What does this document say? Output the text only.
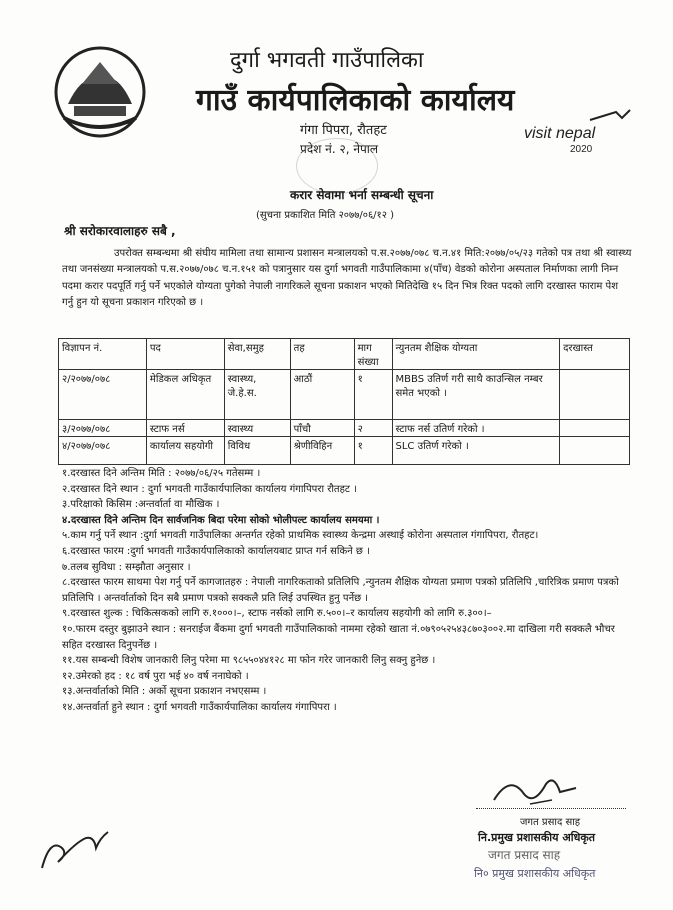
दुर्गा भगवती गाउँपालिका
गाउँ कार्यपालिकाको कार्यालय
गंगा पिपरा, रौतहट
प्रदेश नं. २, नेपाल
visit nepal
2020
करार सेवामा भर्ना सम्बन्धी सूचना
(सुचना प्रकाशित मिति २०७७/०६/१२ )
श्री सरोकारवालाहरु सबै ,
उपरोक्त सम्बन्धमा श्री संघीय मामिला तथा सामान्य प्रशासन मन्त्रालयको प.स.२०७७/०७८ च.न.४१ मिति:२०७७/०५/२३ गतेको पत्र तथा श्री स्वास्थ्य तथा जनसंख्या मन्त्रालयको प.स.२०७७/०७८ च.न.१५१ को पत्रानुसार यस दुर्गा भगवती गाउँपालिकामा ४(पाँच) वेडको कोरोना अस्पताल निर्माणका लागी निम्न पदमा करार पदपूर्ति गर्नु पर्ने भएकोले योग्यता पुगेको नेपाली नागरिकले सूचना प्रकाशन भएको मितिदेखि १५ दिन भित्र रिक्त पदको लागि दरखास्त फाराम पेश गर्नु हुन यो सूचना प्रकाशन गरिएको छ ।
विज्ञापन नं.	पद	सेवा,समुह	तह	माग संख्या	न्युनतम शैक्षिक योग्यता	दरखास्त
२/२०७७/०७८	मेडिकल अधिकृत	स्वास्थ्य, जे.हे.स.	आठौं	१	MBBS उतिर्ण गरी साथै काउन्सिल नम्बर समेत भएको ।	
३/२०७७/०७८	स्टाफ नर्स	स्वास्थ्य	पाँचौ	२	स्टाफ नर्स उतिर्ण गरेको ।	
४/२०७७/०७८	कार्यालय सहयोगी	विविध	श्रेणीविहिन	१	SLC उतिर्ण गरेको ।	
१.दरखास्त दिने अन्तिम मिति : २०७७/०६/२५ गतेसम्म ।
२.दरखास्त दिने स्थान : दुर्गा भगवती गाउँकार्यपालिका कार्यालय गंगापिपरा रौतहट ।
३.परिक्षाको किसिम :अन्तर्वार्ता वा मौखिक ।
४.दरखास्त दिने अन्तिम दिन सार्वजनिक बिदा परेमा सोको भोलीपल्ट कार्यालय समयमा ।
५.काम गर्नु पर्ने स्थान :दुर्गा भगवती गाउँपालिका अन्तर्गत रहेको प्राथमिक स्वास्थ्य केन्द्रमा अस्थाई कोरोना अस्पताल गंगापिपरा, रौतहट।
६.दरखास्त फारम :दुर्गा भगवती गाउँकार्यपालिकाको कार्यालयबाट प्राप्त गर्न सकिने छ ।
७.तलब सुविधा : सम्झौता अनुसार ।
८.दरखास्त फारम साथमा पेश गर्नु पर्ने कागजातहरु : नेपाली नागरिकताको प्रतिलिपि ,न्युनतम शैक्षिक योग्यता प्रमाण पत्रको प्रतिलिपि ,चारित्रिक प्रमाण पत्रको प्रतिलिपि । अन्तर्वार्ताको दिन सबै प्रमाण पत्रको सक्कलै प्रति लिई उपस्थित हुनु पर्नेछ ।
९.दरखास्त शुल्क : चिकित्सकको लागि रु.१०००।–, स्टाफ नर्सको लागि रु.५००।–र कार्यालय सहयोगी को लागि रु.३००।–
१०.फारम दस्तुर बुझाउने स्थान : सनराईज बैंकमा दुर्गा भगवती गाउँपालिकाको नाममा रहेको खाता नं.०७९०५२५४३८७०३००२.मा दाखिला गरी सक्कलै भौचर सहित दरखास्त दिनुपर्नेछ ।
११.यस सम्बन्धी विशेष जानकारी लिनु परेमा मा ९८५५०४४१२८ मा फोन गरेर जानकारी लिनु सक्नु हुनेछ ।
१२.उमेरको हद : १८ वर्ष पुरा भई ४० वर्ष ननाघेको ।
१३.अन्तर्वार्ताको मिति : अर्को सूचना प्रकाशन नभएसम्म ।
१४.अन्तर्वार्ता हुने स्थान : दुर्गा भगवती गाउँकार्यपालिका कार्यालय गंगापिपरा ।
जगत प्रसाद साह
नि.प्रमुख प्रशासकीय अधिकृत
जगत प्रसाद साह
नि० प्रमुख प्रशासकीय अधिकृत
